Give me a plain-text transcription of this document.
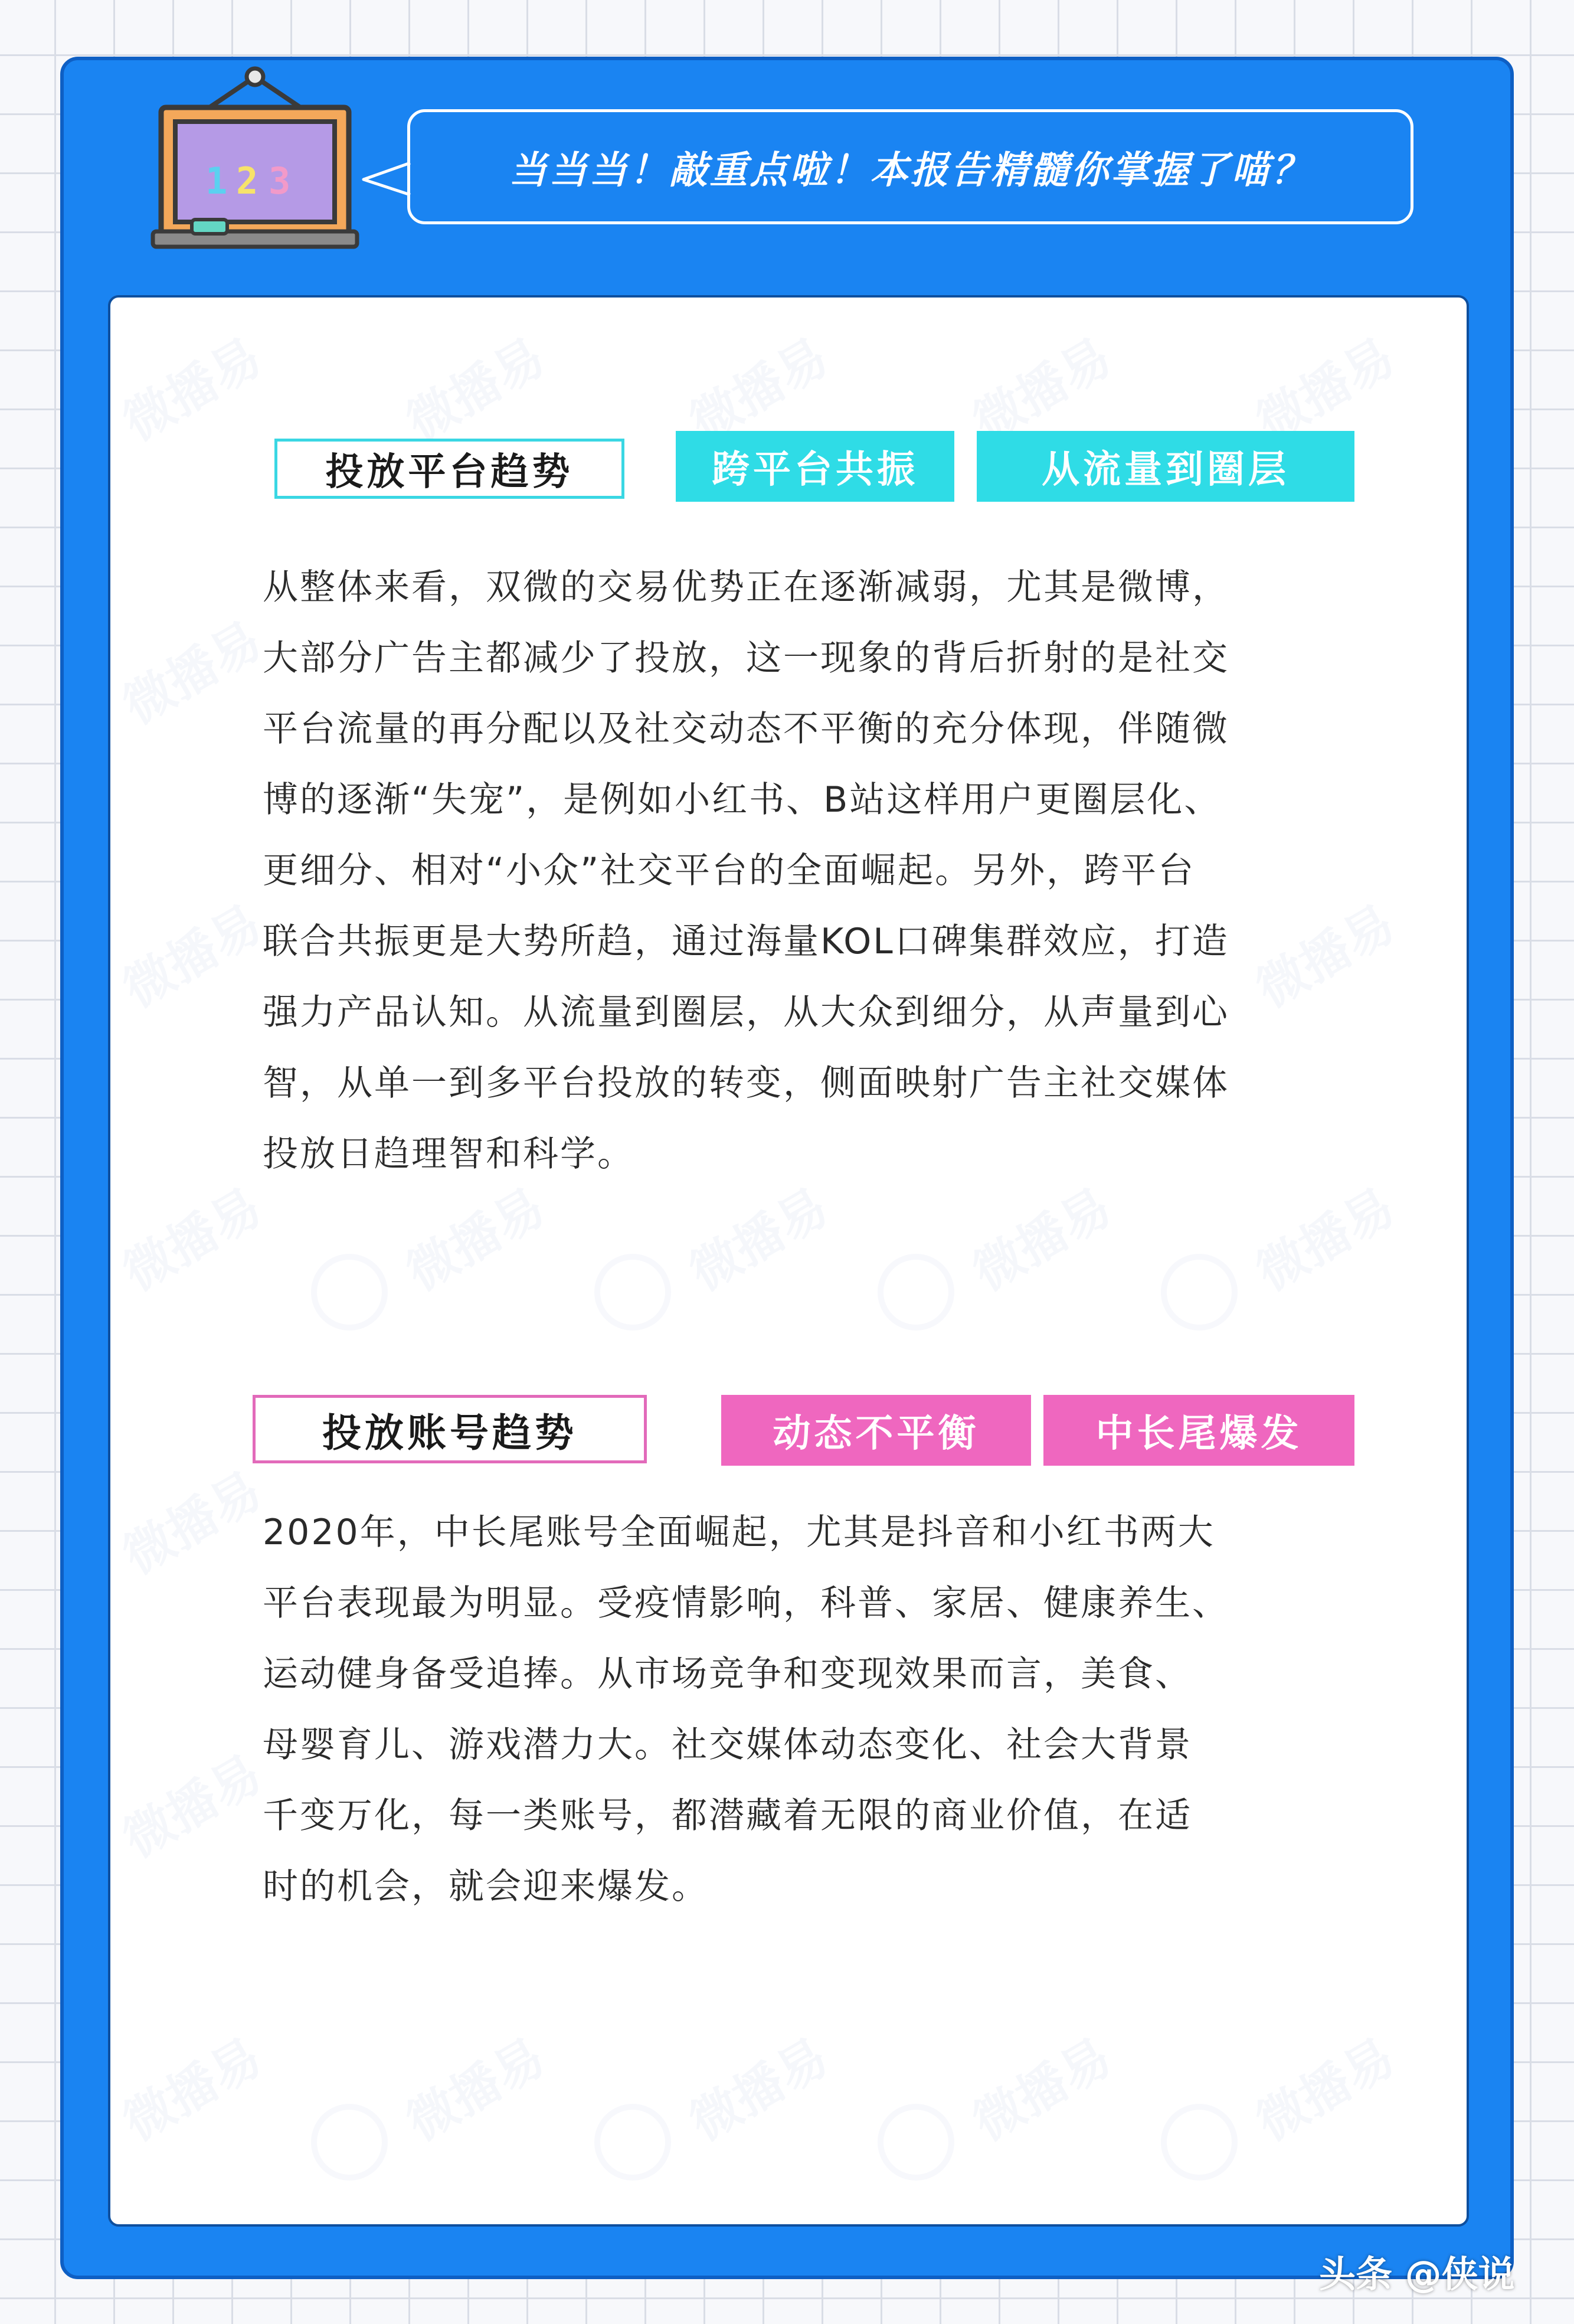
1 2 3	当当当！敲重点啦！本报告精髓你掌握了喵？
微播易	微播易	微播易	微播易	微播易
微播易
微播易	微播易
微播易	微播易	微播易	微播易	微播易
微播易
微播易
微播易	微播易	微播易	微播易	微播易
投放平台趋势	跨平台共振	从流量到圈层
从整体来看，双微的交易优势正在逐渐减弱，尤其是微博，
大部分广告主都减少了投放，这一现象的背后折射的是社交
平台流量的再分配以及社交动态不平衡的充分体现，伴随微
博的逐渐“失宠”，是例如小红书、B站这样用户更圈层化、
更细分、相对“小众”社交平台的全面崛起。另外，跨平台
联合共振更是大势所趋，通过海量KOL口碑集群效应，打造
强力产品认知。从流量到圈层，从大众到细分，从声量到心
智，从单一到多平台投放的转变，侧面映射广告主社交媒体
投放日趋理智和科学。
投放账号趋势	动态不平衡	中长尾爆发
2020年，中长尾账号全面崛起，尤其是抖音和小红书两大
平台表现最为明显。受疫情影响，科普、家居、健康养生、
运动健身备受追捧。从市场竞争和变现效果而言，美食、
母婴育儿、游戏潜力大。社交媒体动态变化、社会大背景
千变万化，每一类账号，都潜藏着无限的商业价值，在适
时的机会，就会迎来爆发。
头条 @侠说
